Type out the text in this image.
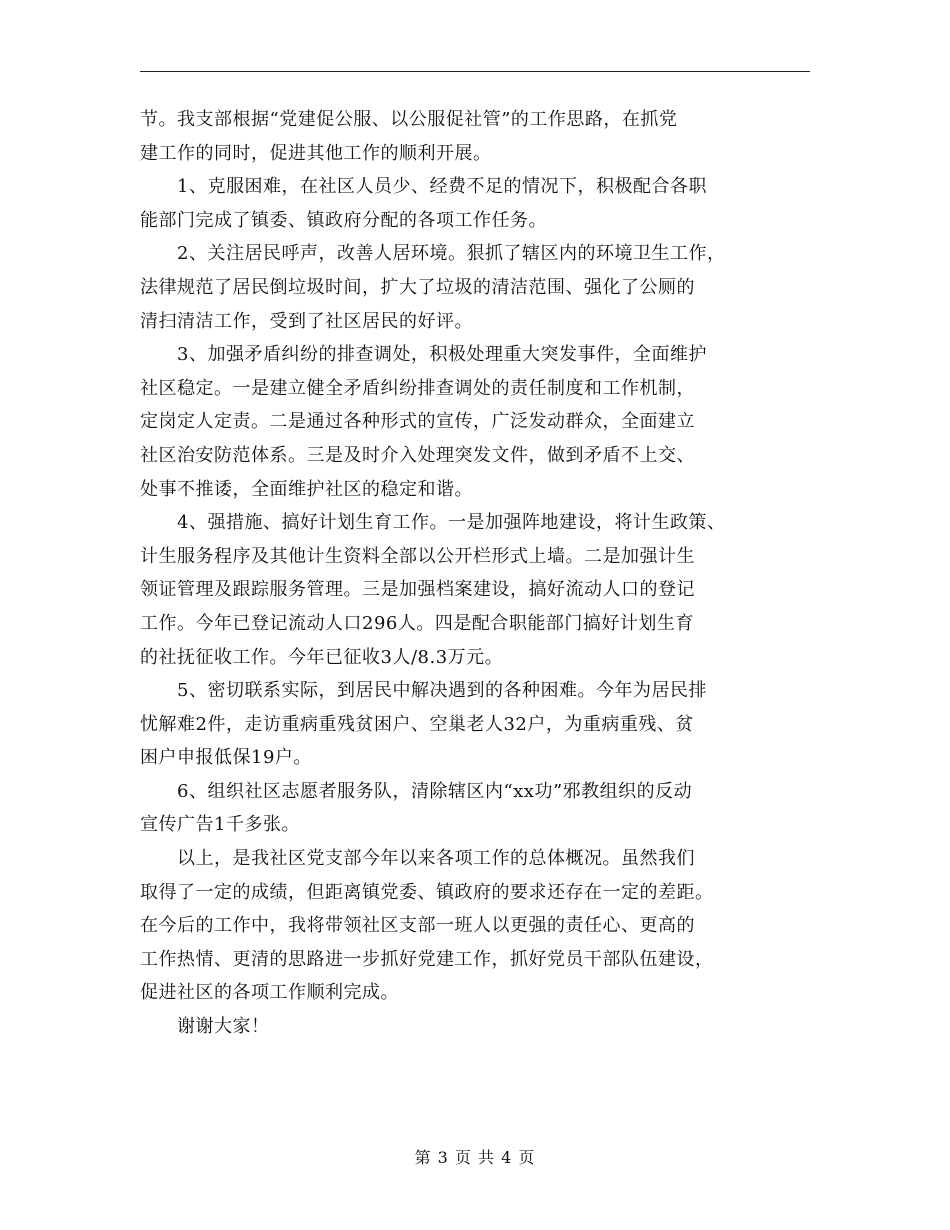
节。我支部根据“党建促公服、以公服促社管”的工作思路，在抓党
建工作的同时，促进其他工作的顺利开展。
1、克服困难，在社区人员少、经费不足的情况下，积极配合各职
能部门完成了镇委、镇政府分配的各项工作任务。
2、关注居民呼声，改善人居环境。狠抓了辖区内的环境卫生工作，
法律规范了居民倒垃圾时间，扩大了垃圾的清洁范围、强化了公厕的
清扫清洁工作，受到了社区居民的好评。
3、加强矛盾纠纷的排查调处，积极处理重大突发事件，全面维护
社区稳定。一是建立健全矛盾纠纷排查调处的责任制度和工作机制，
定岗定人定责。二是通过各种形式的宣传，广泛发动群众，全面建立
社区治安防范体系。三是及时介入处理突发文件，做到矛盾不上交、
处事不推诿，全面维护社区的稳定和谐。
4、强措施、搞好计划生育工作。一是加强阵地建设，将计生政策、
计生服务程序及其他计生资料全部以公开栏形式上墙。二是加强计生
领证管理及跟踪服务管理。三是加强档案建设，搞好流动人口的登记
工作。今年已登记流动人口296人。四是配合职能部门搞好计划生育
的社抚征收工作。今年已征收3人/8.3万元。
5、密切联系实际，到居民中解决遇到的各种困难。今年为居民排
忧解难2件，走访重病重残贫困户、空巢老人32户，为重病重残、贫
困户申报低保19户。
6、组织社区志愿者服务队，清除辖区内“xx功”邪教组织的反动
宣传广告1千多张。
以上，是我社区党支部今年以来各项工作的总体概况。虽然我们
取得了一定的成绩，但距离镇党委、镇政府的要求还存在一定的差距。
在今后的工作中，我将带领社区支部一班人以更强的责任心、更高的
工作热情、更清的思路进一步抓好党建工作，抓好党员干部队伍建设，
促进社区的各项工作顺利完成。
谢谢大家！
第 3 页 共 4 页
